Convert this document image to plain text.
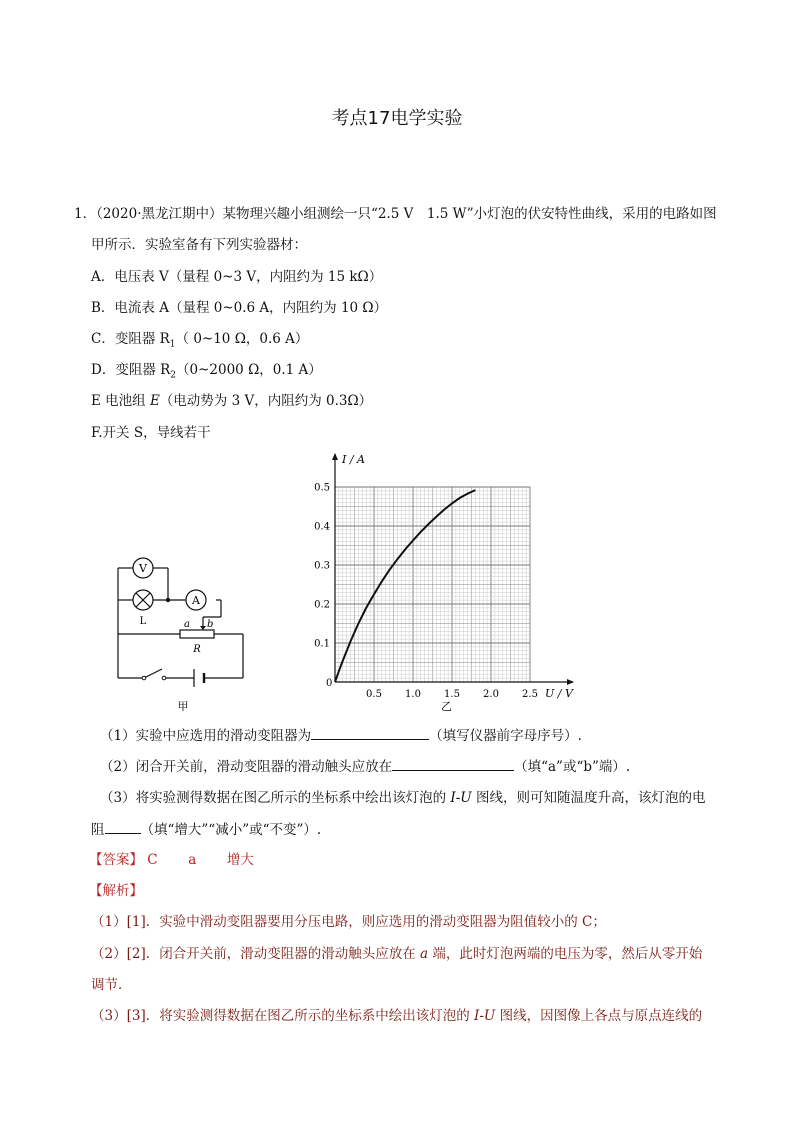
考点17电学实验
1．（2020·黑龙江期中）某物理兴趣小组测绘一只“2.5 V　1.5 W”小灯泡的伏安特性曲线，采用的电路如图
甲所示．实验室备有下列实验器材：
A．电压表 V（量程 0~3 V，内阻约为 15 kΩ）
B．电流表 A（量程 0~0.6 A，内阻约为 10 Ω）
C．变阻器 $R_1$（ 0~10 Ω，0.6 A）
D．变阻器 $R_2(0\sim 2000$ Ω，0.1 A）
E 电池组 E（电动势为 3 V，内阻约为 0.3Ω）
F.开关 S，导线若干
V
L
A
a b
R
甲
0.5 1.0 1.5 2.0 2.5
0.1
0.2
0.3
0.4
0.5
I / A
U / V
0
乙
（1）实验中应选用的滑动变阻器为	（填写仪器前字母序号）.
（2）闭合开关前，滑动变阻器的滑动触头应放在	（填“a”或“b”端）.
（3）将实验测得数据在图乙所示的坐标系中绘出该灯泡的 I-U 图线，则可知随温度升高，该灯泡的电
阻	（填“增大”“减小”或“不变”）.
【答案】 C a 增大
【解析】
（1）[1]．实验中滑动变阻器要用分压电路，则应选用的滑动变阻器为阻值较小的 C；
（2）[2]．闭合开关前，滑动变阻器的滑动触头应放在 a 端，此时灯泡两端的电压为零，然后从零开始
调节．
（3）[3]．将实验测得数据在图乙所示的坐标系中绘出该灯泡的 I-U 图线，因图像上各点与原点连线的
